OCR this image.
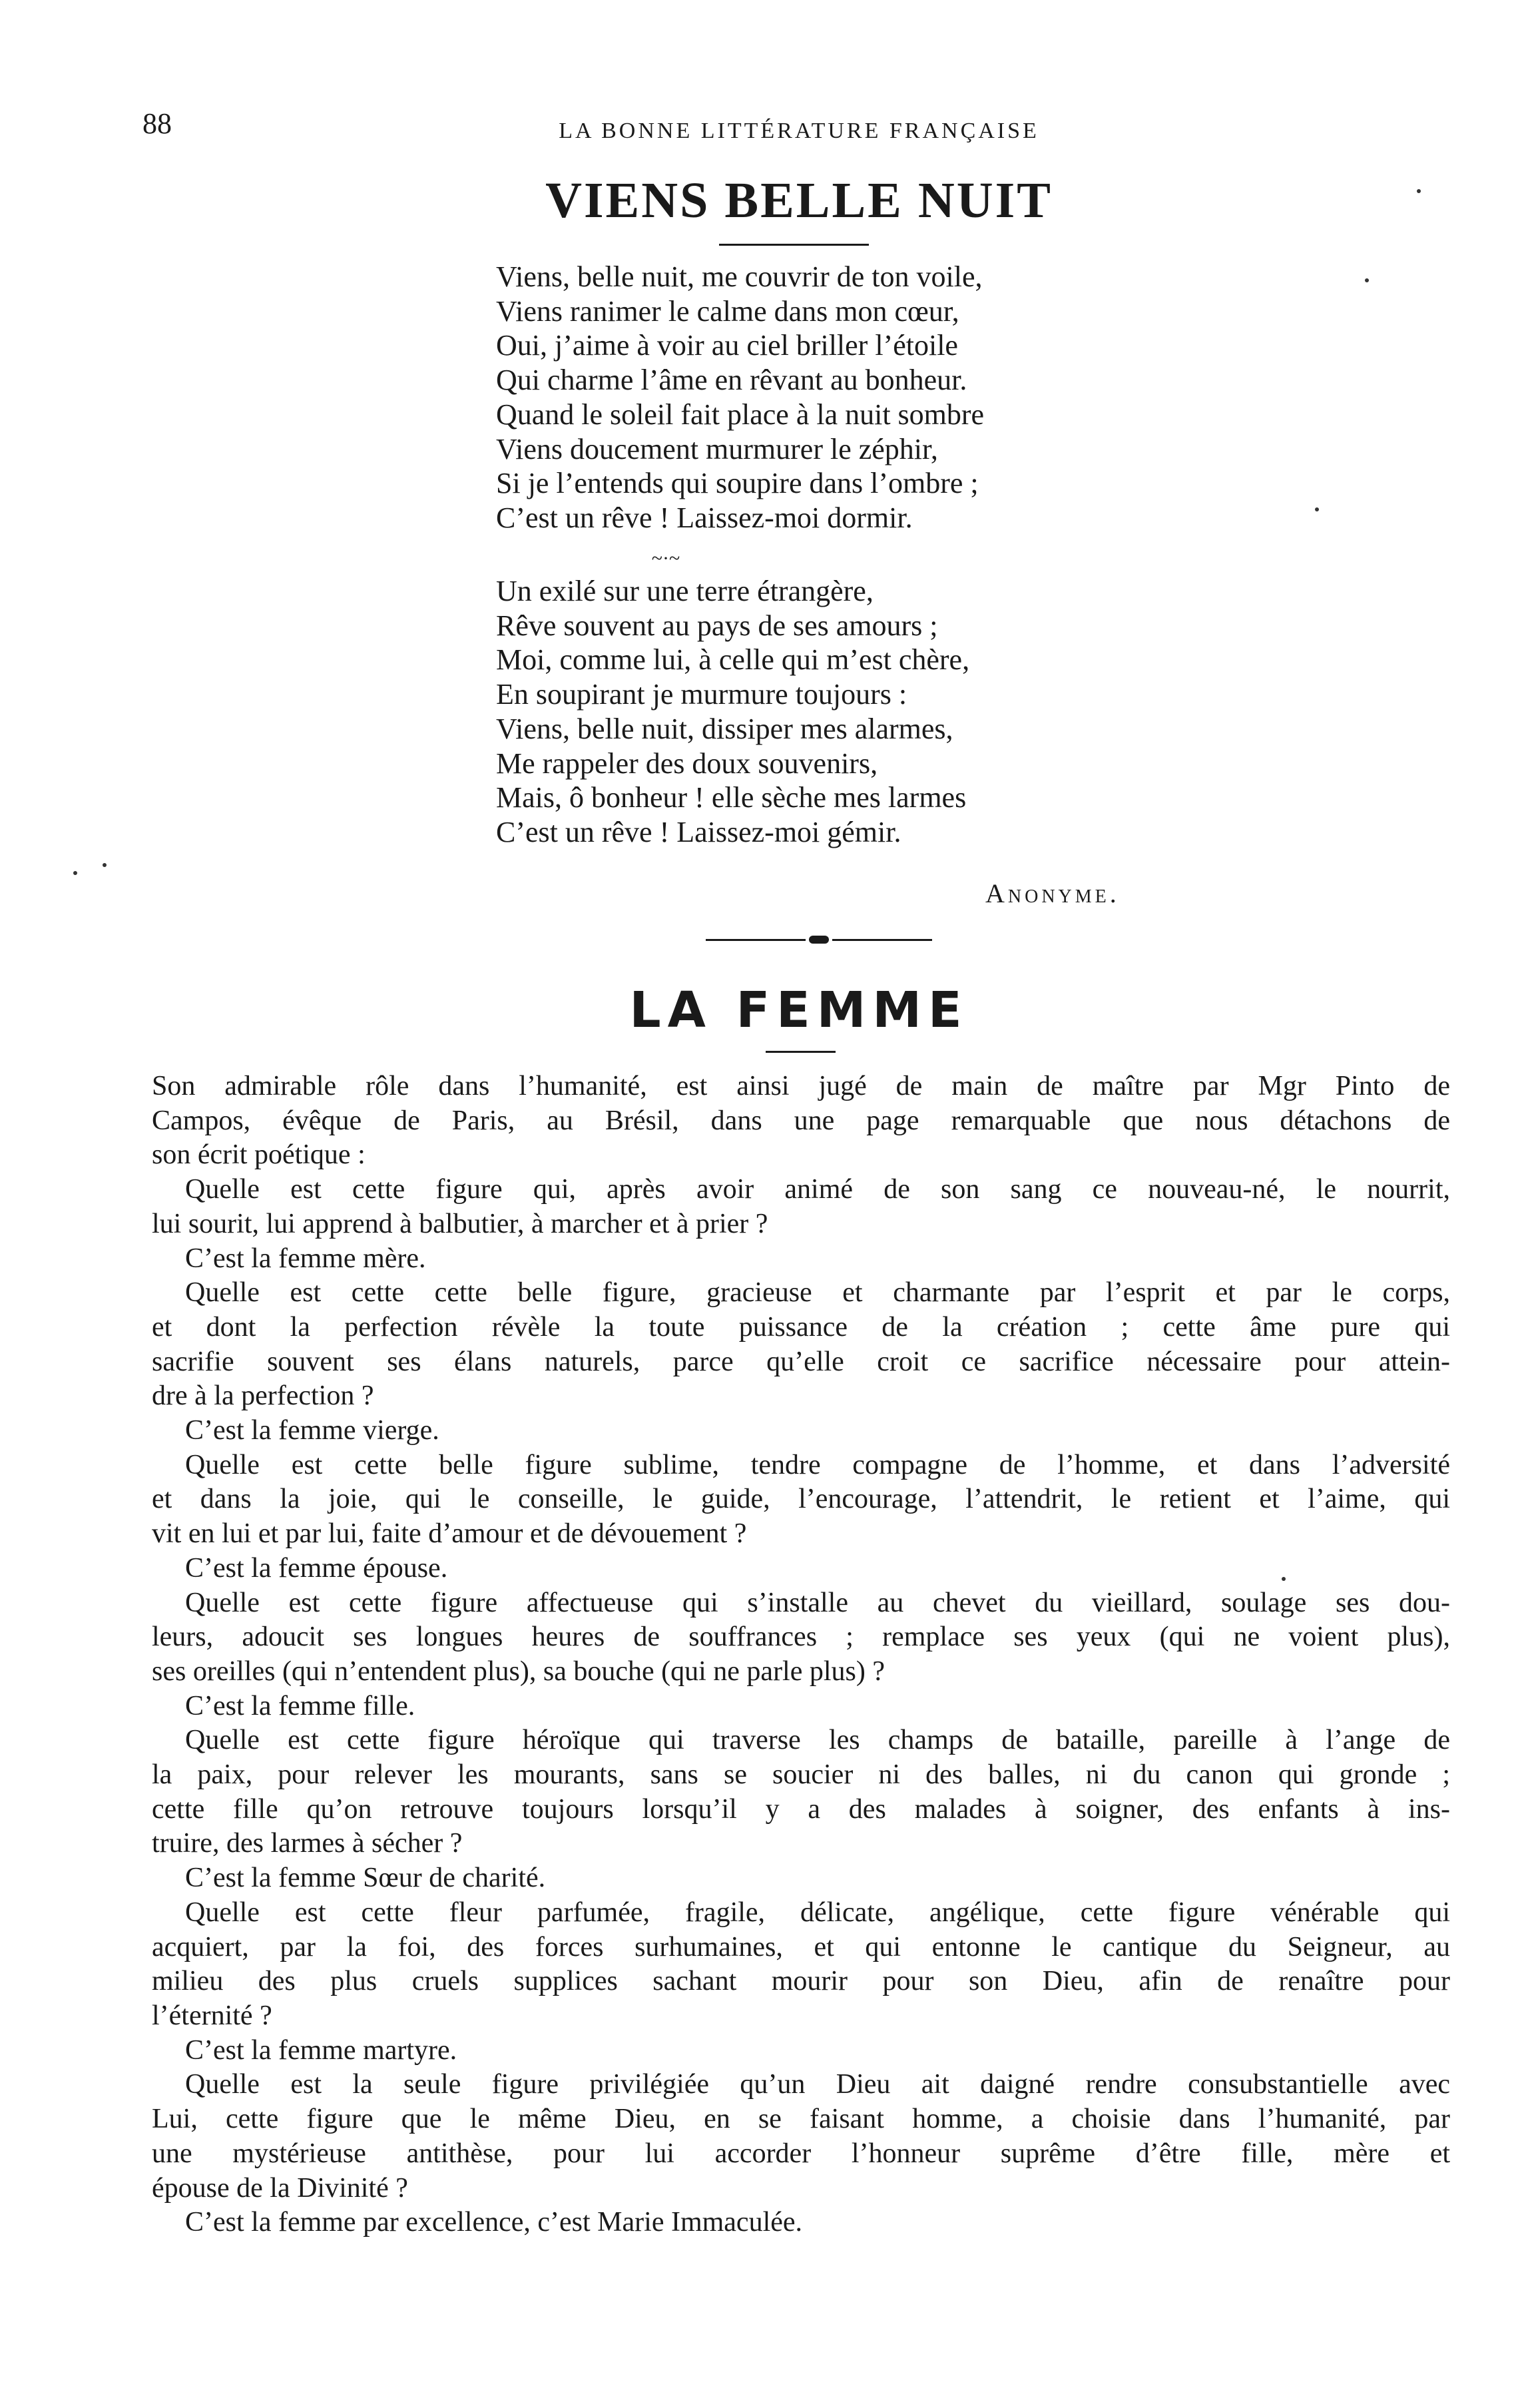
88	LA BONNE LITTÉRATURE FRANÇAISE
VIENS BELLE NUIT
Viens, belle nuit, me couvrir de ton voile,
Viens ranimer le calme dans mon cœur,
Oui, j’aime à voir au ciel briller l’étoile
Qui charme l’âme en rêvant au bonheur.
Quand le soleil fait place à la nuit sombre
Viens doucement murmurer le zéphir,
Si je l’entends qui soupire dans l’ombre ;
C’est un rêve ! Laissez-moi dormir.
~·~
Un exilé sur une terre étrangère,
Rêve souvent au pays de ses amours ;
Moi, comme lui, à celle qui m’est chère,
En soupirant je murmure toujours :
Viens, belle nuit, dissiper mes alarmes,
Me rappeler des doux souvenirs,
Mais, ô bonheur ! elle sèche mes larmes
C’est un rêve ! Laissez-moi gémir.
Anonyme.
LA FEMME
Son admirable rôle dans l’humanité, est ainsi jugé de main de maître par Mgr Pinto de
Campos, évêque de Paris, au Brésil, dans une page remarquable que nous détachons de
son écrit poétique :
Quelle est cette figure qui, après avoir animé de son sang ce nouveau-né, le nourrit,
lui sourit, lui apprend à balbutier, à marcher et à prier ?
C’est la femme mère.
Quelle est cette cette belle figure, gracieuse et charmante par l’esprit et par le corps,
et dont la perfection révèle la toute puissance de la création ; cette âme pure qui
sacrifie souvent ses élans naturels, parce qu’elle croit ce sacrifice nécessaire pour attein-
dre à la perfection ?
C’est la femme vierge.
Quelle est cette belle figure sublime, tendre compagne de l’homme, et dans l’adversité
et dans la joie, qui le conseille, le guide, l’encourage, l’attendrit, le retient et l’aime, qui
vit en lui et par lui, faite d’amour et de dévouement ?
C’est la femme épouse.
Quelle est cette figure affectueuse qui s’installe au chevet du vieillard, soulage ses dou-
leurs, adoucit ses longues heures de souffrances ; remplace ses yeux (qui ne voient plus),
ses oreilles (qui n’entendent plus), sa bouche (qui ne parle plus) ?
C’est la femme fille.
Quelle est cette figure héroïque qui traverse les champs de bataille, pareille à l’ange de
la paix, pour relever les mourants, sans se soucier ni des balles, ni du canon qui gronde ;
cette fille qu’on retrouve toujours lorsqu’il y a des malades à soigner, des enfants à ins-
truire, des larmes à sécher ?
C’est la femme Sœur de charité.
Quelle est cette fleur parfumée, fragile, délicate, angélique, cette figure vénérable qui
acquiert, par la foi, des forces surhumaines, et qui entonne le cantique du Seigneur, au
milieu des plus cruels supplices sachant mourir pour son Dieu, afin de renaître pour
l’éternité ?
C’est la femme martyre.
Quelle est la seule figure privilégiée qu’un Dieu ait daigné rendre consubstantielle avec
Lui, cette figure que le même Dieu, en se faisant homme, a choisie dans l’humanité, par
une mystérieuse antithèse, pour lui accorder l’honneur suprême d’être fille, mère et
épouse de la Divinité ?
C’est la femme par excellence, c’est Marie Immaculée.
